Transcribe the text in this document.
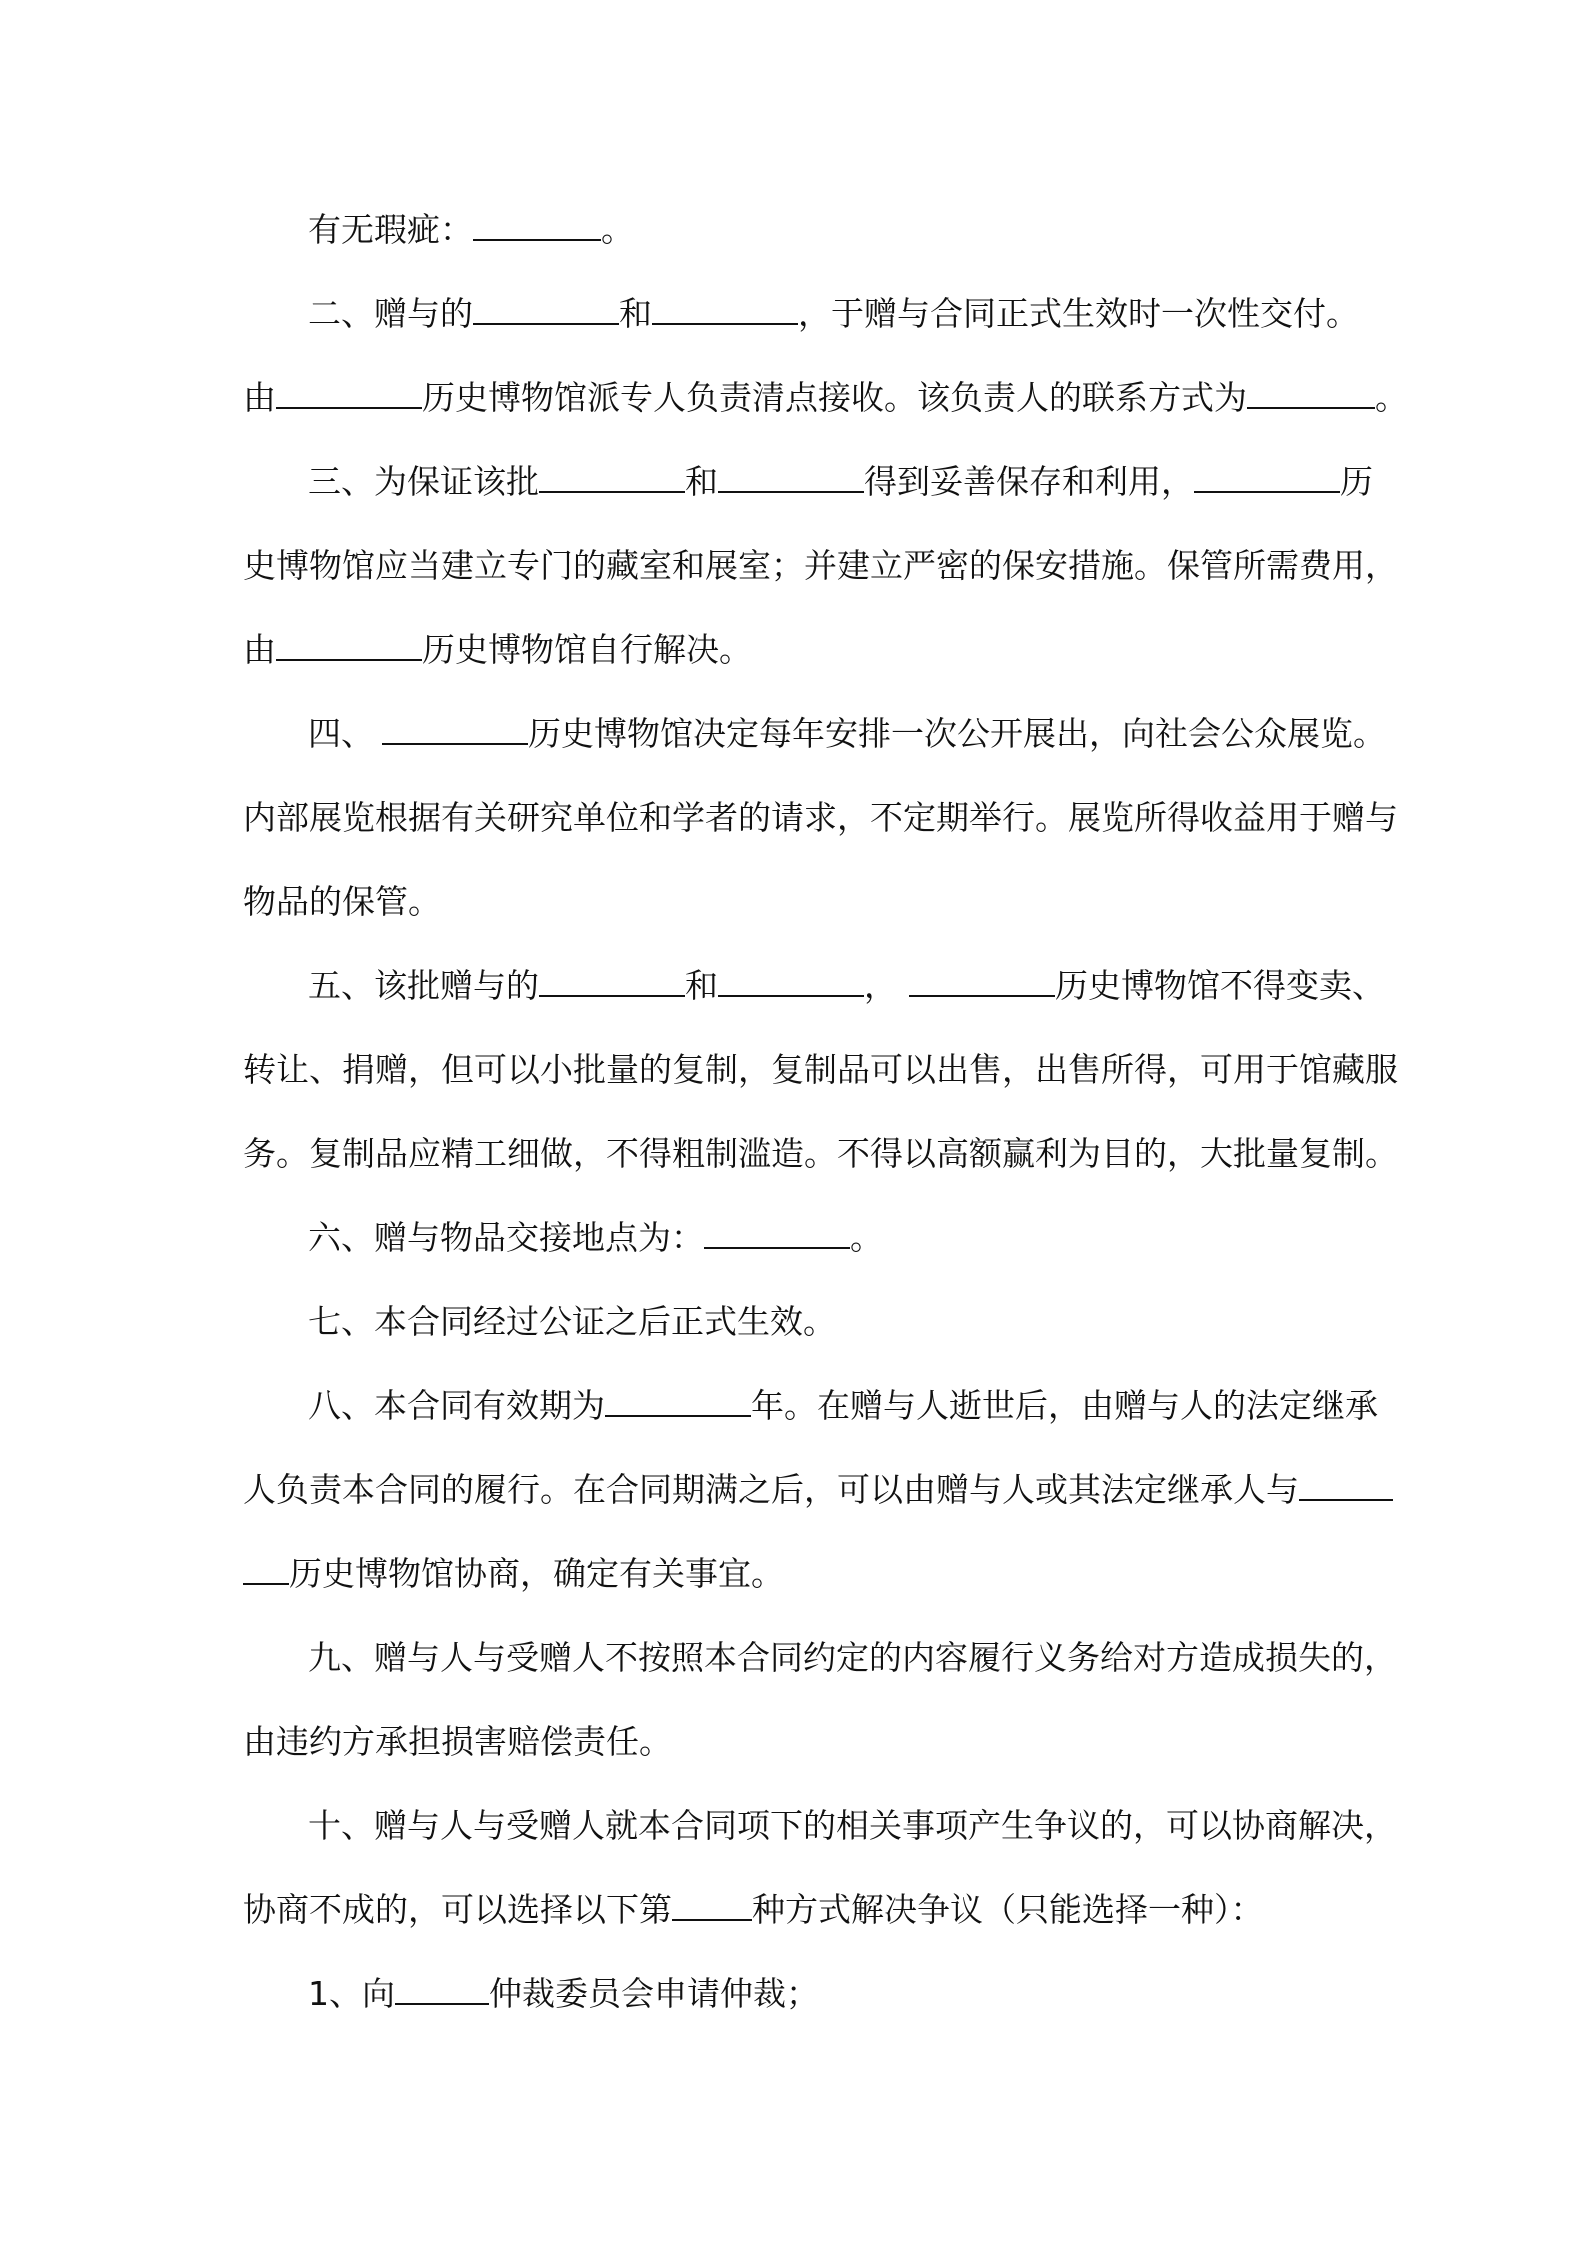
有无瑕疵：	。
二、赠与的	和	，于赠与合同正式生效时一次性交付。
由	历史博物馆派专人负责清点接收。该负责人的联系方式为	。
三、为保证该批	和	得到妥善保存和利用，	历
史博物馆应当建立专门的藏室和展室；并建立严密的保安措施。保管所需费用，
由	历史博物馆自行解决。
四、	历史博物馆决定每年安排一次公开展出，向社会公众展览。
内部展览根据有关研究单位和学者的请求，不定期举行。展览所得收益用于赠与
物品的保管。
五、该批赠与的	和	，	历史博物馆不得变卖、
转让、捐赠，但可以小批量的复制，复制品可以出售，出售所得，可用于馆藏服
务。复制品应精工细做，不得粗制滥造。不得以高额赢利为目的，大批量复制。
六、赠与物品交接地点为：	。
七、本合同经过公证之后正式生效。
八、本合同有效期为	年。在赠与人逝世后，由赠与人的法定继承
人负责本合同的履行。在合同期满之后，可以由赠与人或其法定继承人与
历史博物馆协商，确定有关事宜。
九、赠与人与受赠人不按照本合同约定的内容履行义务给对方造成损失的，
由违约方承担损害赔偿责任。
十、赠与人与受赠人就本合同项下的相关事项产生争议的，可以协商解决，
协商不成的，可以选择以下第 种方式解决争议（只能选择一种）：
1、向	仲裁委员会申请仲裁；
